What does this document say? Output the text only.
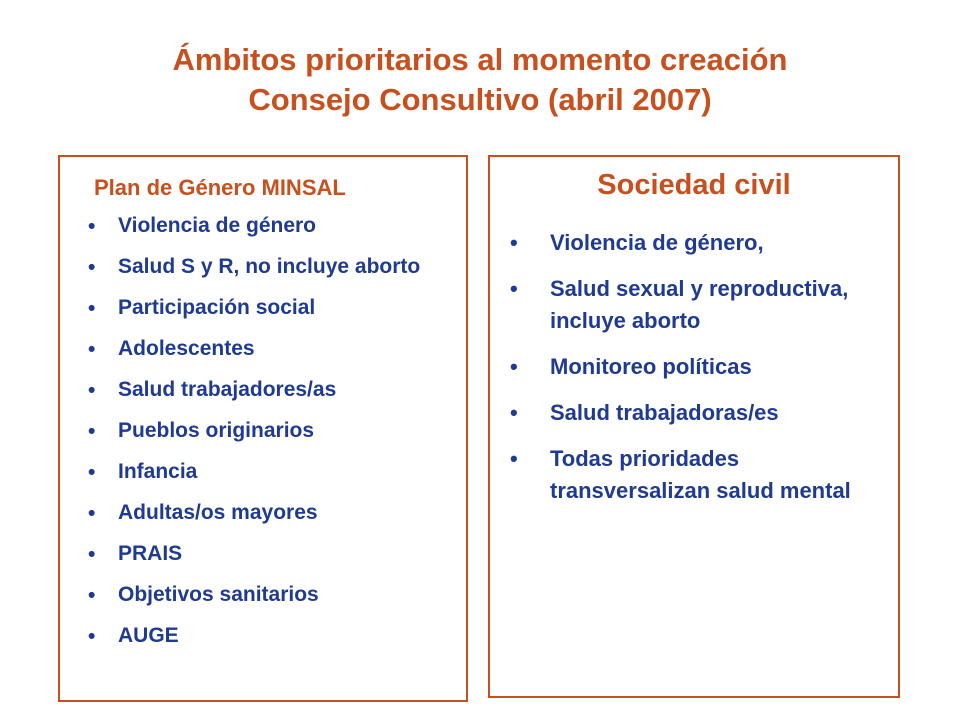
Ámbitos prioritarios al momento creación
Consejo Consultivo (abril 2007)
Plan de Género MINSAL
• Violencia de género
• Salud S y R, no incluye aborto
• Participación social
• Adolescentes
• Salud trabajadores/as
• Pueblos originarios
• Infancia
• Adultas/os mayores
• PRAIS
• Objetivos sanitarios
• AUGE
Sociedad civil
• Violencia de género,
• Salud sexual y reproductiva, incluye aborto
• Monitoreo políticas
• Salud trabajadoras/es
• Todas prioridades transversalizan salud mental
